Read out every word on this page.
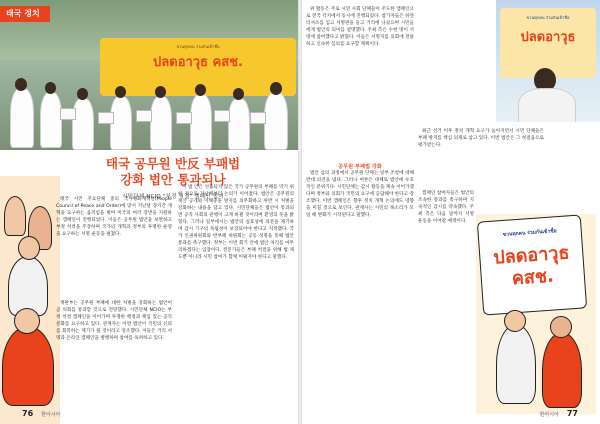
ขวนทุกคน ร่วมกันเข้าชื่อ
ปลดอาวุธ คสช.
태국 정치
태국 공무원 반反 부패법
강화 법안 통과되나
시민단체 NCIO "부정 척결" 캠페인 벌여

태국 시민 주요단체 중의 국가평화개혁단(People Council of Peace and Order)에 맞서 지난달 장기간 개혁을 요구하는 움직임을 벌여 미국의 여러 장면을 지원하는 캠페인이 진행되었다. 이들은 공무원 법안을 보완하고 부정 척결을 주장하며 국가의 개혁과 정부의 투명한 운영을 요구하는 서명 운동을 펼쳤다.

재판부는 공무원 부패에 대한 처벌을 강화하는 법안이 곧 의회를 통과할 것으로 전망했다. 시민단체 NCIO는 부정 척결 캠페인을 이어가며 투명한 행정과 책임 있는 공직 문화를 요구하고 있다. 관계자는 이번 법안이 국민의 신뢰를 회복하는 계기가 될 것이라고 강조했다. 이들은 거리 서명과 온라인 캠페인을 병행하며 참여를 독려하고 있다.

이 법 안은 선출되지 않은 국가 공무원의 부패를 막기 위한 것으로 지난해부터 논의가 이어졌다. 법안은 공무원의 재산 공개와 이해충돌 방지를 의무화하고 위반 시 처벌을 강화하는 내용을 담고 있다. 시민단체들은 법안이 통과되면 공직 사회의 관행이 크게 바뀔 것이라며 환영의 뜻을 밝혔다. 그러나 일부에서는 법안의 실효성에 의문을 제기하며 감시 기구의 독립성이 보장되어야 한다고 지적했다. 국가 인권위원회와 반부패 위원회는 공동 성명을 통해 법안 통과를 촉구했다. 정부는 이번 회기 안에 법안 처리를 마무리하겠다는 입장이다. 전문가들은 부패 척결을 위해 법 제도뿐 아니라 시민 참여가 함께 이뤄져야 한다고 말했다.

76 한아시아
ขวนทุกคน ร่วมกันเข้าชื่อ
ปลดอาวุธ

위 활동은 주로 시민 사회 단체들이 주도한 캠페인으로 전국 각지에서 동시에 진행되었다. 참가자들은 하얀 티셔츠를 입고 서명판을 들고 거리에 나섰으며 시민들에게 법안의 의미를 설명했다. 주최 측은 수천 명이 서명에 참여했다고 밝혔다. 이들은 서명지를 의회에 전달하고 신속한 심의를 요구할 계획이다.

공무원 부패법 강화

법안 심의 과정에서 공무원 단체는 일부 조항에 대해 반대 의견을 냈다. 그러나 여론은 대체로 법안에 우호적인 분위기다. 시민단체는 감시 활동을 계속 이어가겠다며 정부와 의회가 국민의 요구에 응답해야 한다고 강조했다. 이번 캠페인은 향후 정치 개혁 논의에도 영향을 미칠 것으로 보인다. 관계자는 시민의 목소리가 모일 때 변화가 시작된다고 말했다.

최근 선거 이후 정치 개혁 요구가 높아지면서 시민 단체들은 부패 방지를 핵심 의제로 삼고 있다. 이번 법안은 그 첫걸음으로 평가받는다.

캠페인 참여자들은 법안의 조속한 통과를 촉구하며 지속적인 감시를 약속했다. 주최 측은 다음 달까지 서명 운동을 이어갈 예정이다.

ขวนทุกคน ร่วมกันเข้าชื่อ
ปลดอาวุธ คสช.
한아시아 77
